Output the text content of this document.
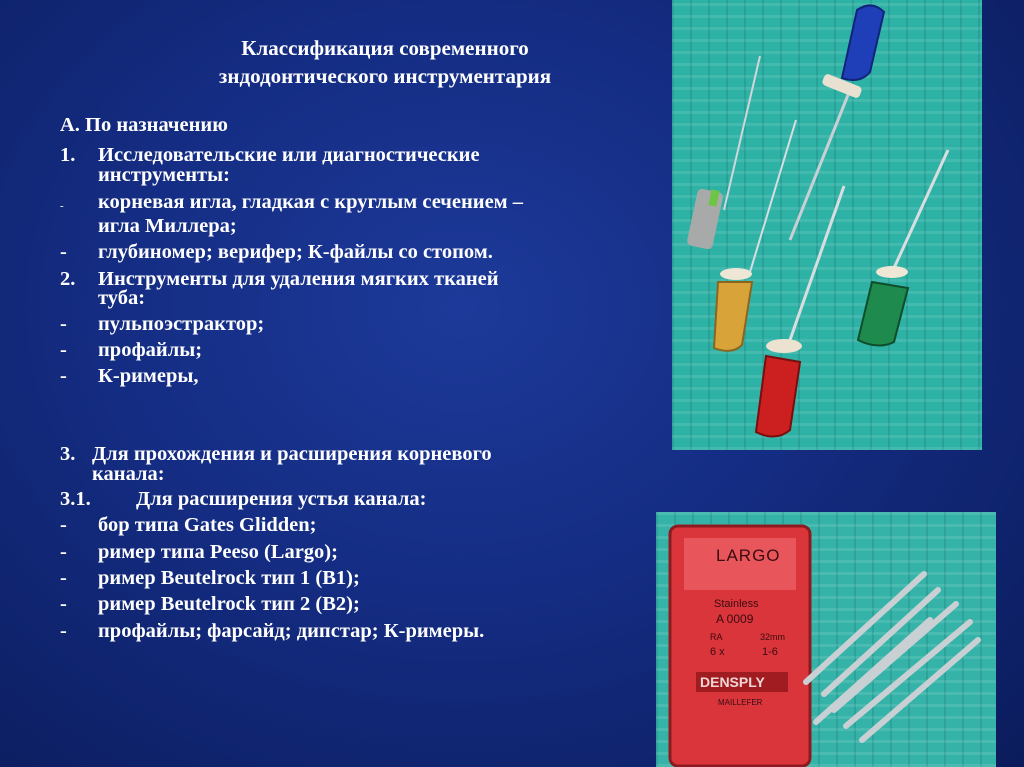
Классификация современного
зндодонтического инструментария
А. По назначению
1.	Исследовательские или диагностические
инструменты:
-	корневая игла, гладкая с круглым сечением –
игла Миллера;
-	глубиномер; верифер; К-файлы со стопом.
2.	Инструменты для удаления мягких тканей
туба:
-	пульпоэстрактор;
-	профайлы;
-	К-римеры,
3. Для прохождения и расширения корневого
канала:
3.1. Для расширения устья канала:
-	бор типа Gates Glidden;
-	ример типа Peeso (Largo);
-	ример Beutelrock тип 1 (В1);
-	ример Beutelrock тип 2 (В2);
-	профайлы; фарсайд; дипстар; К-римеры.
LARGO
Stainless
A 0009
RA	32mm
6 x	1-6
DENSPLY
MAILLEFER
